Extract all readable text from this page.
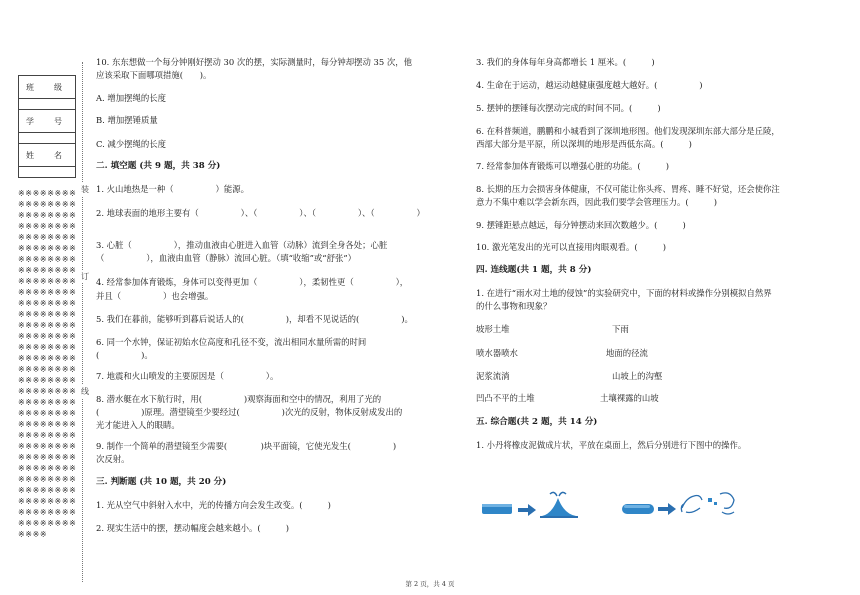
班　级

学　号

姓　名

※※※※※※※※※※※※※※※※※※※※※※※※※※※※※※※※※※※※※※※※※※※※※※※※※※※※※※※※※※※※※※※※※※※※※※※※※※※※※※※※※※※※※※※※※※※※※※※※※※※※※※※※※※※※※※※※※※※※※※※※※※※※※※※※※※※※※※※※※※※※※※※※※※※※※※※※※※※※※※※※※※※※※※※※※※※※※※※※※※※※※※※※※※※※※※※※※※※※※※※※※※※※※※※※※※※※※※※※※※※※※※※※※※※※※※※※※※※※※※※※※※※※※※※※※※※※
装
订
线
10. 东东想做一个每分钟刚好摆动 30 次的摆，实际测量时，每分钟却摆动 35 次，他
应该采取下面哪项措施(　　)。
A. 增加摆绳的长度
B. 增加摆锤质量
C. 减少摆绳的长度
二. 填空题 (共 9 题，共 38 分)
1. 火山地热是一种（　　　　　）能源。
2. 地球表面的地形主要有（　　　　　）、（　　　　　）、（　　　　　）、（　　　　　）
3. 心脏（　　　　　），推动血液由心脏进入血管（动脉）流到全身各处；心脏
（　　　　　），血液由血管（静脉）流回心脏。（填“收缩”或“舒张”）
4. 经常参加体育锻炼，身体可以变得更加（　　　　　），柔韧性更（　　　　　），
并且（　　　　　）也会增强。
5. 我们在暮前，能够听到暮后说话人的(　　　　　)，却看不见说话的(　　　　　)。
6. 同一个水钟，保证初始水位高度和孔径不变，流出相同水量所需的时间
(　　　　　)。
7. 地震和火山喷发的主要原因是（　　　　　）。
8. 潜水艇在水下航行时，用(　　　　　)观察海面和空中的情况，利用了光的
(　　　　　)原理。潜望镜至少要经过(　　　　　)次光的反射，物体反射成发出的
光才能进入人的眼睛。
9. 制作一个简单的潜望镜至少需要(　　　　)块平面镜，它使光发生(　　　　　)
次反射。
三. 判断题 (共 10 题，共 20 分)
1. 光从空气中斜射入水中，光的传播方向会发生改变。(　　　)
2. 现实生活中的摆，摆动幅度会越来越小。(　　　)
3. 我们的身体每年身高都增长 1 厘米。(　　　)
4. 生命在于运动，越运动越健康强度越大越好。(　　　　　)
5. 摆钟的摆锤每次摆动完成的时间不同。(　　　)
6. 在科普频道，鹏鹏和小城看到了深圳地形图。他们发现深圳东部大部分是丘陵，
西部大部分是平原，所以深圳的地形是西低东高。(　　　)
7. 经常参加体育锻炼可以增强心脏的功能。(　　　)
8. 长期的压力会损害身体健康，不仅可能让你头疼、胃疼、睡不好觉，还会使你注
意力不集中难以学会新东西，因此我们要学会管理压力。(　　　)
9. 摆锤距悬点越远，每分钟摆动来回次数越少。(　　　)
10. 激光笔发出的光可以直接用肉眼观看。(　　　)
四. 连线题(共 1 题，共 8 分)
1. 在进行“雨水对土地的侵蚀”的实验研究中，下面的材料或操作分别模拟自然界
的什么事物和现象？
坡形土堆	下雨
喷水器喷水	地面的径流
泥浆流淌	山坡上的沟壑
凹凸不平的土堆	土壤裸露的山坡
五. 综合题(共 2 题，共 14 分)
1. 小丹将橡皮泥做成片状，平放在桌面上，然后分别进行下图中的操作。
第 2 页，共 4 页
